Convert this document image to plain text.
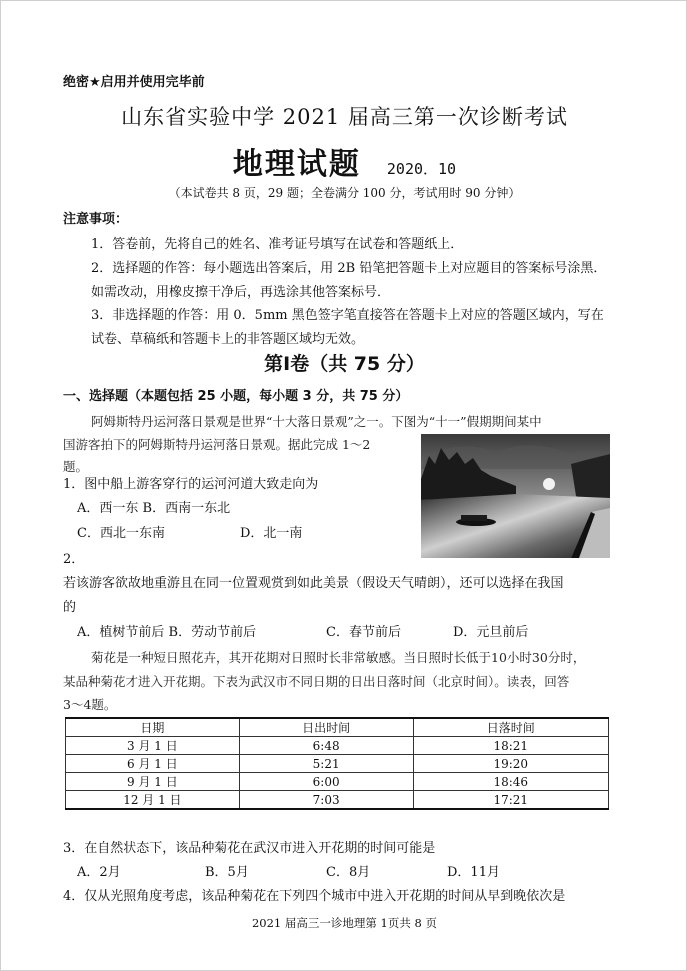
绝密★启用并使用完毕前
山东省实验中学 2021 届高三第一次诊断考试
地理试题 2020．10
（本试卷共 8 页，29 题；全卷满分 100 分，考试用时 90 分钟）
注意事项：
1．答卷前，先将自己的姓名、准考证号填写在试卷和答题纸上．
2．选择题的作答：每小题选出答案后，用 2B 铅笔把答题卡上对应题目的答案标号涂黑．
如需改动，用橡皮擦干净后，再选涂其他答案标号．
3．非选择题的作答：用 0．5mm 黑色签字笔直接答在答题卡上对应的答题区域内，写在
试卷、草稿纸和答题卡上的非答题区域均无效。
第Ⅰ卷（共 75 分）
一、选择题（本题包括 25 小题，每小题 3 分，共 75 分）
阿姆斯特丹运河落日景观是世界“十大落日景观”之一。下图为“十一”假期期间某中
国游客拍下的阿姆斯特丹运河落日景观。据此完成 1～2
题。
1．图中船上游客穿行的运河河道大致走向为
A．西一东 B．西南一东北
C．西北一东南	D．北一南
2．
若该游客欲故地重游且在同一位置观赏到如此美景（假设天气晴朗），还可以选择在我国
的
A．植树节前后 B．劳动节前后	C．春节前后	D．元旦前后
菊花是一种短日照花卉，其开花期对日照时长非常敏感。当日照时长低于10小时30分时，
某品种菊花才进入开花期。下表为武汉市不同日期的日出日落时间（北京时间）。读表，回答
3～4题。
日期	日出时间	日落时间
3 月 1 日	6:48	18:21
6 月 1 日	5:21	19:20
9 月 1 日	6:00	18:46
12 月 1 日	7:03	17:21
3．在自然状态下，该品种菊花在武汉市进入开花期的时间可能是
A．2月	B．5月	C．8月	D．11月
4．仅从光照角度考虑，该品种菊花在下列四个城市中进入开花期的时间从早到晚依次是
2021 届高三一诊地理第 1页共 8 页
